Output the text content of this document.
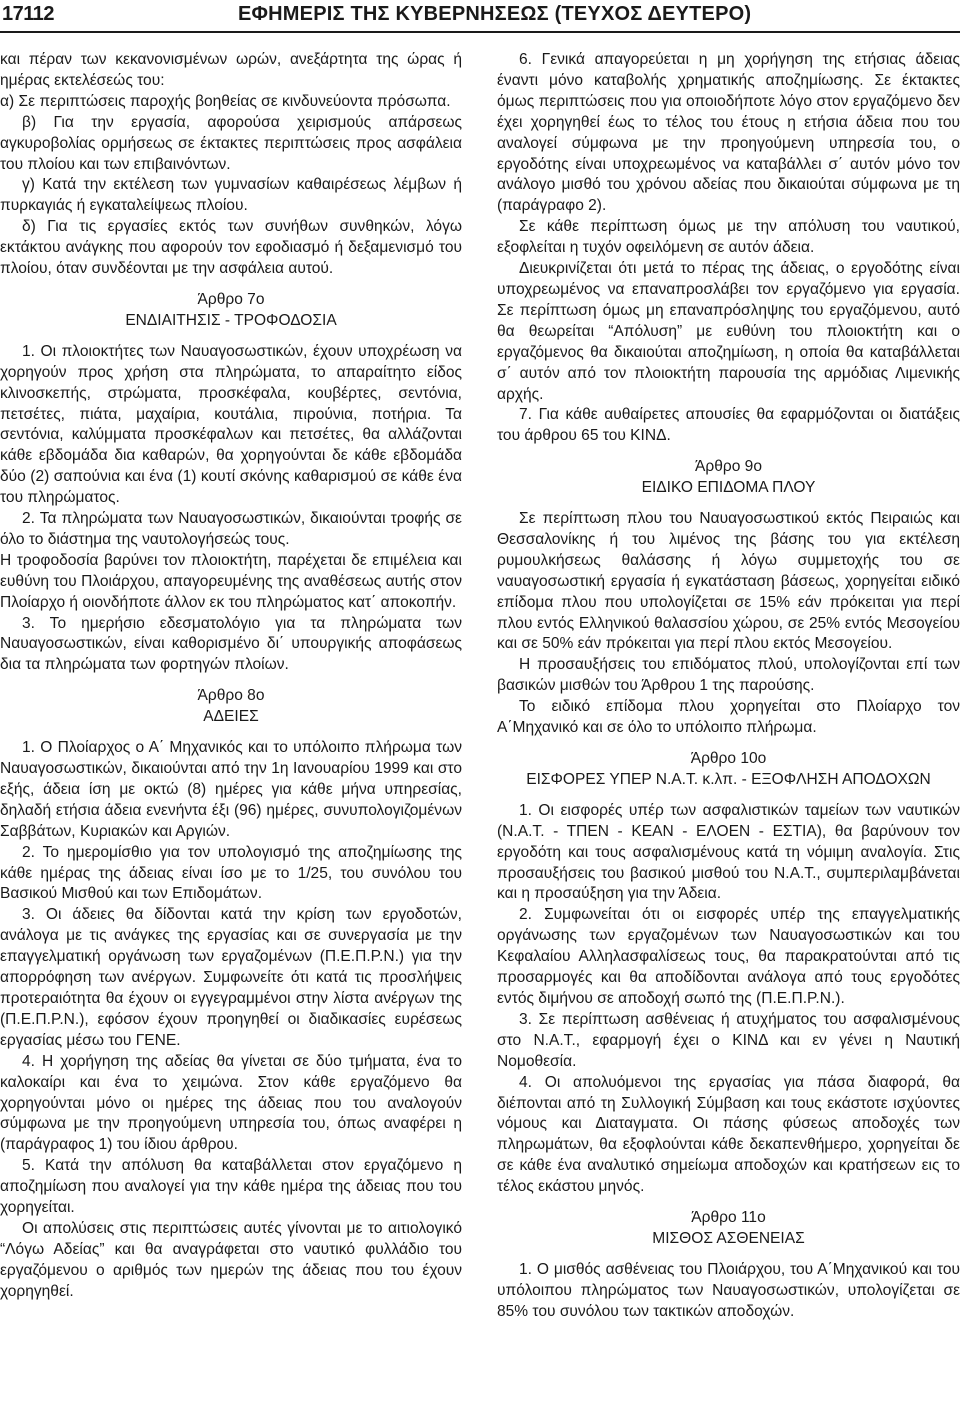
17112	ΕΦΗΜΕΡΙΣ ΤΗΣ ΚΥΒΕΡΝΗΣΕΩΣ (ΤΕΥΧΟΣ ΔΕΥΤΕΡΟ)

και πέραν των κεκανονισμένων ωρών, ανεξάρτητα της ώρας ή ημέρας εκτελέσεώς του:

α) Σε περιπτώσεις παροχής βοηθείας σε κινδυνεύοντα πρόσωπα.

β) Για την εργασία, αφορούσα χειρισμούς απάρσεως αγκυροβολίας ορμήσεως σε έκτακτες περιπτώσεις προς ασφάλεια του πλοίου και των επιβαινόντων.

γ) Κατά την εκτέλεση των γυμνασίων καθαιρέσεως λέμβων ή πυρκαγιάς ή εγκαταλείψεως πλοίου.

δ) Για τις εργασίες εκτός των συνήθων συνθηκών, λόγω εκτάκτου ανάγκης που αφορούν τον εφοδιασμό ή δεξαμενισμό του πλοίου, όταν συνδέονται με την ασφάλεια αυτού.

Άρθρο 7ο
ΕΝΔΙΑΙΤΗΣΙΣ - ΤΡΟΦΟΔΟΣΙΑ

1. Οι πλοιοκτήτες των Ναυαγοσωστικών, έχουν υποχρέωση να χορηγούν προς χρήση στα πληρώματα, το απαραίτητο είδος κλινοσκεπής, στρώματα, προσκέφαλα, κουβέρτες, σεντόνια, πετσέτες, πιάτα, μαχαίρια, κουτάλια, πιρούνια, ποτήρια. Τα σεντόνια, καλύμματα προσκέφαλων και πετσέτες, θα αλλάζονται κάθε εβδομάδα δια καθαρών, θα χορηγούνται δε κάθε εβδομάδα δύο (2) σαπούνια και ένα (1) κουτί σκόνης καθαρισμού σε κάθε ένα του πληρώματος.

2. Τα πληρώματα των Ναυαγοσωστικών, δικαιούνται τροφής σε όλο το διάστημα της ναυτολογήσεώς τους.

Η τροφοδοσία βαρύνει τον πλοιοκτήτη, παρέχεται δε επιμέλεια και ευθύνη του Πλοιάρχου, απαγορευμένης της αναθέσεως αυτής στον Πλοίαρχο ή οιονδήποτε άλλον εκ του πληρώματος κατ΄ αποκοπήν.

3. Το ημερήσιο εδεσματολόγιο για τα πληρώματα των Ναυαγοσωστικών, είναι καθορισμένο δι΄ υπουργικής αποφάσεως δια τα πληρώματα των φορτηγών πλοίων.

Άρθρο 8ο
ΑΔΕΙΕΣ

1. Ο Πλοίαρχος ο Α΄ Μηχανικός και το υπόλοιπο πλήρωμα των Ναυαγοσωστικών, δικαιούνται από την 1η Ιανουαρίου 1999 και στο εξής, άδεια ίση με οκτώ (8) ημέρες για κάθε μήνα υπηρεσίας, δηλαδή ετήσια άδεια ενενήντα έξι (96) ημέρες, συνυπολογιζομένων Σαββάτων, Κυριακών και Αργιών.

2. Το ημερομίσθιο για τον υπολογισμό της αποζημίωσης της κάθε ημέρας της άδειας είναι ίσο με το 1/25, του συνόλου του Βασικού Μισθού και των Επιδομάτων.

3. Οι άδειες θα δίδονται κατά την κρίση των εργοδοτών, ανάλογα με τις ανάγκες της εργασίας και σε συνεργασία με την επαγγελματική οργάνωση των εργαζομένων (Π.Ε.Π.Ρ.Ν.) για την απορρόφηση των ανέργων. Συμφωνείτε ότι κατά τις προσλήψεις προτεραιότητα θα έχουν οι εγγεγραμμένοι στην λίστα ανέργων της (Π.Ε.Π.Ρ.Ν.), εφόσον έχουν προηγηθεί οι διαδικασίες ευρέσεως εργασίας μέσω του ΓΕΝΕ.

4. Η χορήγηση της αδείας θα γίνεται σε δύο τμήματα, ένα το καλοκαίρι και ένα το χειμώνα. Στον κάθε εργαζόμενο θα χορηγούνται μόνο οι ημέρες της άδειας που του αναλογούν σύμφωνα με την προηγούμενη υπηρεσία του, όπως αναφέρει η (παράγραφος 1) του ίδιου άρθρου.

5. Κατά την απόλυση θα καταβάλλεται στον εργαζόμενο η αποζημίωση που αναλογεί για την κάθε ημέρα της άδειας που του χορηγείται.

Οι απολύσεις στις περιπτώσεις αυτές γίνονται με το αιτιολογικό “Λόγω Αδείας” και θα αναγράφεται στο ναυτικό φυλλάδιο του εργαζόμενου ο αριθμός των ημερών της άδειας που του έχουν χορηγηθεί.

6. Γενικά απαγορεύεται η μη χορήγηση της ετήσιας άδειας έναντι μόνο καταβολής χρηματικής αποζημίωσης. Σε έκτακτες όμως περιπτώσεις που για οποιοδήποτε λόγο στον εργαζόμενο δεν έχει χορηγηθεί έως το τέλος του έτους η ετήσια άδεια που του αναλογεί σύμφωνα με την προηγούμενη υπηρεσία του, ο εργοδότης είναι υποχρεωμένος να καταβάλλει σ΄ αυτόν μόνο τον ανάλογο μισθό του χρόνου αδείας που δικαιούται σύμφωνα με τη (παράγραφο 2).

Σε κάθε περίπτωση όμως με την απόλυση του ναυτικού, εξοφλείται η τυχόν οφειλόμενη σε αυτόν άδεια.

Διευκρινίζεται ότι μετά το πέρας της άδειας, ο εργοδότης είναι υποχρεωμένος να επαναπροσλάβει τον εργαζόμενο για εργασία. Σε περίπτωση όμως μη επαναπρόσληψης του εργαζόμενου, αυτό θα θεωρείται “Απόλυση” με ευθύνη του πλοιοκτήτη και ο εργαζόμενος θα δικαιούται αποζημίωση, η οποία θα καταβάλλεται σ΄ αυτόν από τον πλοιοκτήτη παρουσία της αρμόδιας Λιμενικής αρχής.

7. Για κάθε αυθαίρετες απουσίες θα εφαρμόζονται οι διατάξεις του άρθρου 65 του ΚΙΝΔ.

Άρθρο 9ο
ΕΙΔΙΚΟ ΕΠΙΔΟΜΑ ΠΛΟΥ

Σε περίπτωση πλου του Ναυαγοσωστικού εκτός Πειραιώς και Θεσσαλονίκης ή του λιμένος της βάσης του για εκτέλεση ρυμουλκήσεως θαλάσσης ή λόγω συμμετοχής του σε ναυαγοσωστική εργασία ή εγκατάσταση βάσεως, χορηγείται ειδικό επίδομα πλου που υπολογίζεται σε 15% εάν πρόκειται για περί πλου εντός Ελληνικού θαλασσίου χώρου, σε 25% εντός Μεσογείου και σε 50% εάν πρόκειται για περί πλου εκτός Μεσογείου.

Η προσαυξήσεις του επιδόματος πλού, υπολογίζονται επί των βασικών μισθών του Άρθρου 1 της παρούσης.

Το ειδικό επίδομα πλου χορηγείται στο Πλοίαρχο τον Α΄Μηχανικό και σε όλο το υπόλοιπο πλήρωμα.

Άρθρο 10ο
ΕΙΣΦΟΡΕΣ ΥΠΕΡ Ν.Α.Τ. κ.λπ. - ΕΞΟΦΛΗΣΗ ΑΠΟΔΟΧΩΝ

1. Οι εισφορές υπέρ των ασφαλιστικών ταμείων των ναυτικών (Ν.Α.Τ. - ΤΠΕΝ - ΚΕΑΝ - ΕΛΟΕΝ - ΕΣΤΙΑ), θα βαρύνουν τον εργοδότη και τους ασφαλισμένους κατά τη νόμιμη αναλογία. Στις προσαυξήσεις του βασικού μισθού του Ν.Α.Τ., συμπεριλαμβάνεται και η προσαύξηση για την Άδεια.

2. Συμφωνείται ότι οι εισφορές υπέρ της επαγγελματικής οργάνωσης των εργαζομένων των Ναυαγοσωστικών και του Κεφαλαίου Αλληλασφαλίσεως τους, θα παρακρατούνται από τις προσαρμογές και θα αποδίδονται ανάλογα από τους εργοδότες εντός διμήνου σε αποδοχή σωπό της (Π.Ε.Π.Ρ.Ν.).

3. Σε περίπτωση ασθένειας ή ατυχήματος του ασφαλισμένους στο Ν.Α.Τ., εφαρμογή έχει ο ΚΙΝΔ και εν γένει η Ναυτική Νομοθεσία.

4. Οι απολυόμενοι της εργασίας για πάσα διαφορά, θα διέπονται από τη Συλλογική Σύμβαση και τους εκάστοτε ισχύοντες νόμους και Διαταγματα. Οι πάσης φύσεως αποδοχές των πληρωμάτων, θα εξοφλούνται κάθε δεκαπενθήμερο, χορηγείται δε σε κάθε ένα αναλυτικό σημείωμα αποδοχών και κρατήσεων εις το τέλος εκάστου μηνός.

Άρθρο 11ο
ΜΙΣΘΟΣ ΑΣΘΕΝΕΙΑΣ

1. Ο μισθός ασθένειας του Πλοιάρχου, του Α΄Μηχανικού και του υπόλοιπου πληρώματος των Ναυαγοσωστικών, υπολογίζεται σε 85% του συνόλου των τακτικών αποδοχών.
